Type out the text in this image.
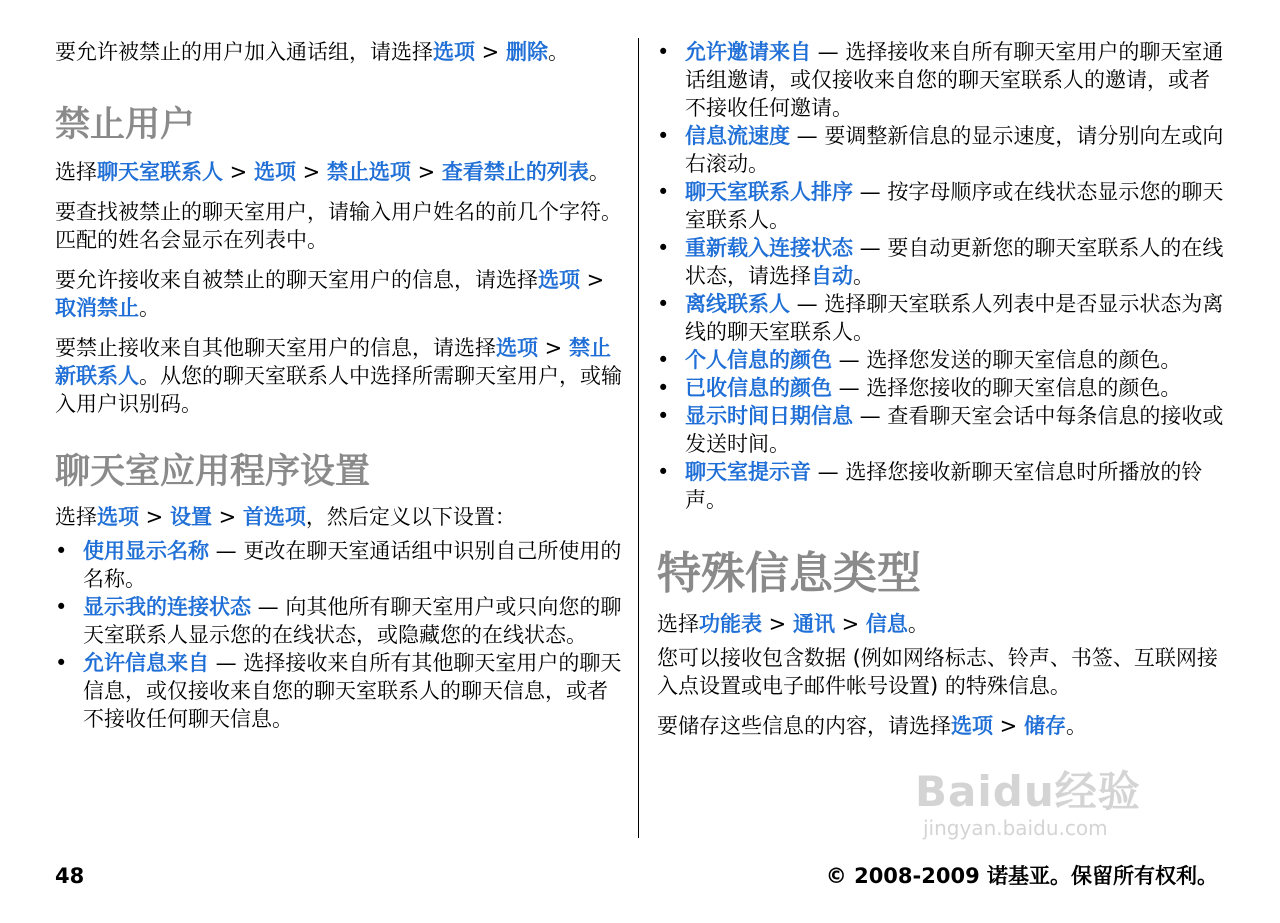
要允许被禁止的用户加入通话组，请选择选项 > 删除。

禁止用户

选择聊天室联系人 > 选项 > 禁止选项 > 查看禁止的列表。

要查找被禁止的聊天室用户，请输入用户姓名的前几个字符。匹配的姓名会显示在列表中。

要允许接收来自被禁止的聊天室用户的信息，请选择选项 > 取消禁止。

要禁止接收来自其他聊天室用户的信息，请选择选项 > 禁止新联系人。从您的聊天室联系人中选择所需聊天室用户，或输入用户识别码。

聊天室应用程序设置

选择选项 > 设置 > 首选项，然后定义以下设置：

• 使用显示名称 — 更改在聊天室通话组中识别自己所使用的名称。
• 显示我的连接状态 — 向其他所有聊天室用户或只向您的聊天室联系人显示您的在线状态，或隐藏您的在线状态。
• 允许信息来自 — 选择接收来自所有其他聊天室用户的聊天信息，或仅接收来自您的聊天室联系人的聊天信息，或者不接收任何聊天信息。
• 允许邀请来自 — 选择接收来自所有聊天室用户的聊天室通话组邀请，或仅接收来自您的聊天室联系人的邀请，或者不接收任何邀请。
• 信息流速度 — 要调整新信息的显示速度，请分别向左或向右滚动。
• 聊天室联系人排序 — 按字母顺序或在线状态显示您的聊天室联系人。
• 重新载入连接状态 — 要自动更新您的聊天室联系人的在线状态，请选择自动。
• 离线联系人 — 选择聊天室联系人列表中是否显示状态为离线的聊天室联系人。
• 个人信息的颜色 — 选择您发送的聊天室信息的颜色。
• 已收信息的颜色 — 选择您接收的聊天室信息的颜色。
• 显示时间日期信息 — 查看聊天室会话中每条信息的接收或发送时间。
• 聊天室提示音 — 选择您接收新聊天室信息时所播放的铃声。
特殊信息类型

选择功能表 > 通讯 > 信息。

您可以接收包含数据 (例如网络标志、铃声、书签、互联网接入点设置或电子邮件帐号设置) 的特殊信息。

要储存这些信息的内容，请选择选项 > 储存。

Baidu经验
jingyan.baidu.com
48	© 2008-2009 诺基亚。保留所有权利。
